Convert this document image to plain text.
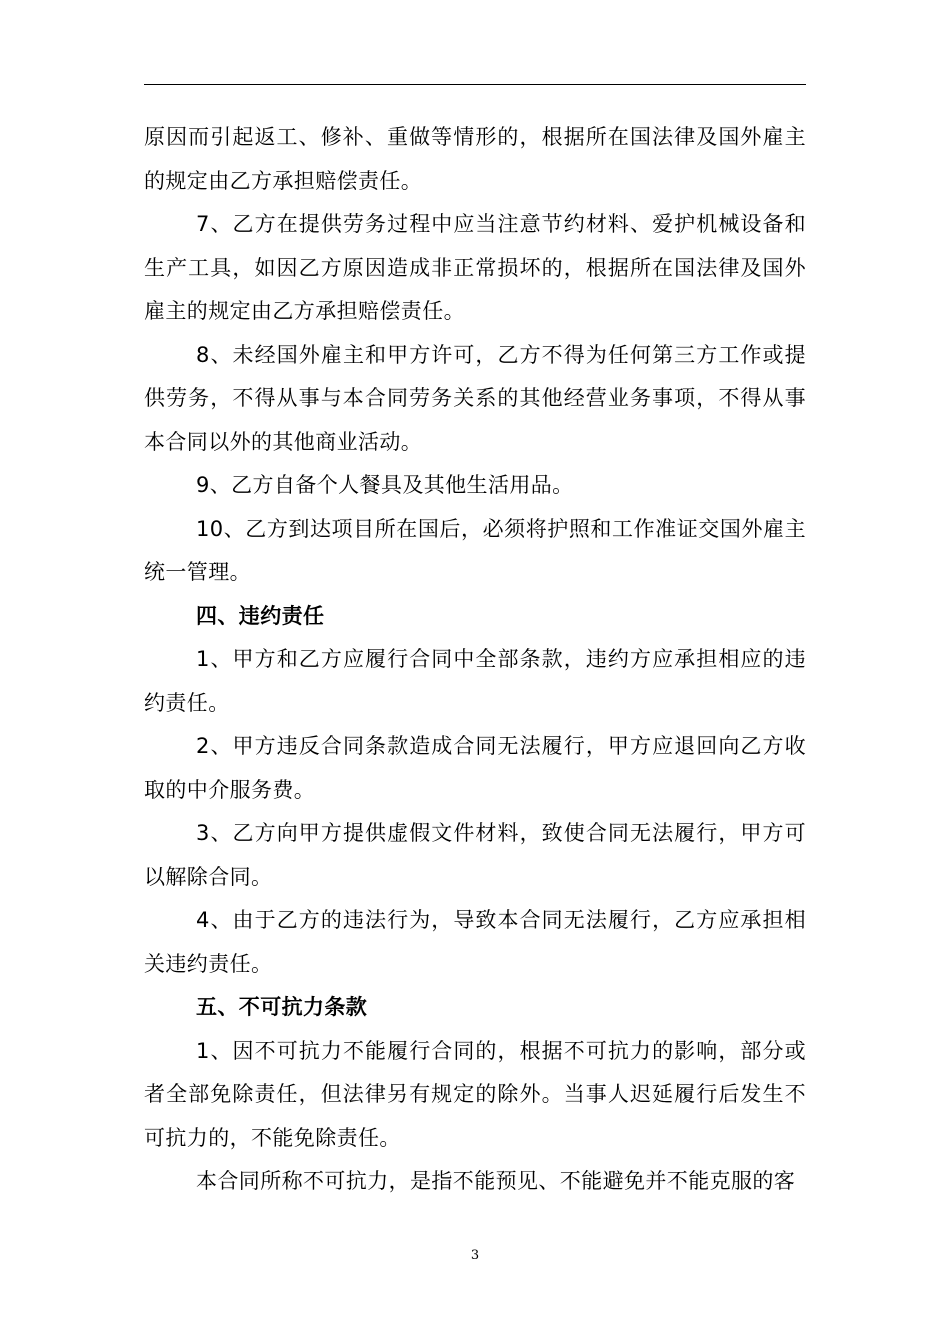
原因而引起返工、修补、重做等情形的，根据所在国法律及国外雇主的规定由乙方承担赔偿责任。

7、乙方在提供劳务过程中应当注意节约材料、爱护机械设备和生产工具，如因乙方原因造成非正常损坏的，根据所在国法律及国外雇主的规定由乙方承担赔偿责任。

8、未经国外雇主和甲方许可，乙方不得为任何第三方工作或提供劳务，不得从事与本合同劳务关系的其他经营业务事项，不得从事本合同以外的其他商业活动。

9、乙方自备个人餐具及其他生活用品。

10、乙方到达项目所在国后，必须将护照和工作准证交国外雇主统一管理。

四、违约责任

1、甲方和乙方应履行合同中全部条款，违约方应承担相应的违约责任。

2、甲方违反合同条款造成合同无法履行，甲方应退回向乙方收取的中介服务费。

3、乙方向甲方提供虚假文件材料，致使合同无法履行，甲方可以解除合同。

4、由于乙方的违法行为，导致本合同无法履行，乙方应承担相关违约责任。

五、不可抗力条款

1、因不可抗力不能履行合同的，根据不可抗力的影响，部分或者全部免除责任，但法律另有规定的除外。当事人迟延履行后发生不可抗力的，不能免除责任。

本合同所称不可抗力，是指不能预见、不能避免并不能克服的客

3
